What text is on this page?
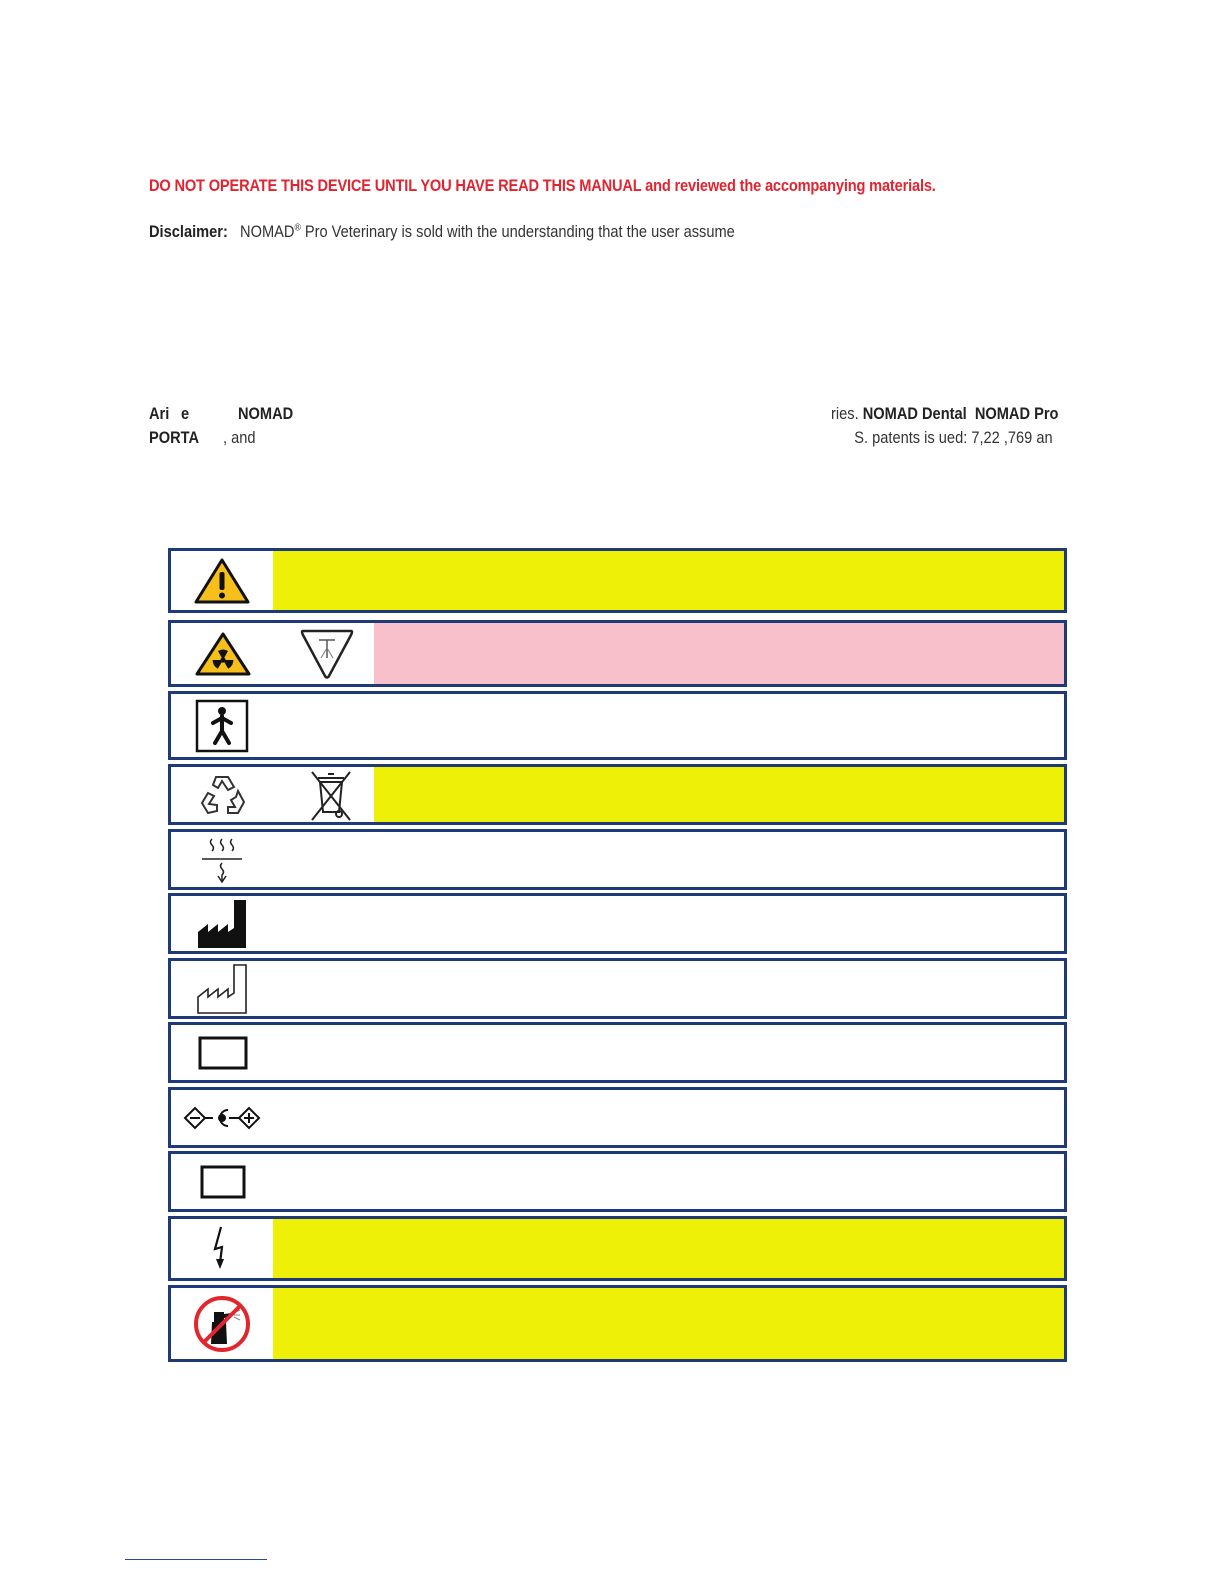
DO NOT OPERATE THIS DEVICE UNTIL YOU HAVE READ THIS MANUAL and reviewed the accompanying materials.
Disclaimer: NOMAD® Pro Veterinary is sold with the understanding that the user assume
Ari e	NOMAD
PORTA , and
ries. NOMAD Dental NOMAD Pro
S. patents is ued: 7,22 ,769 an
